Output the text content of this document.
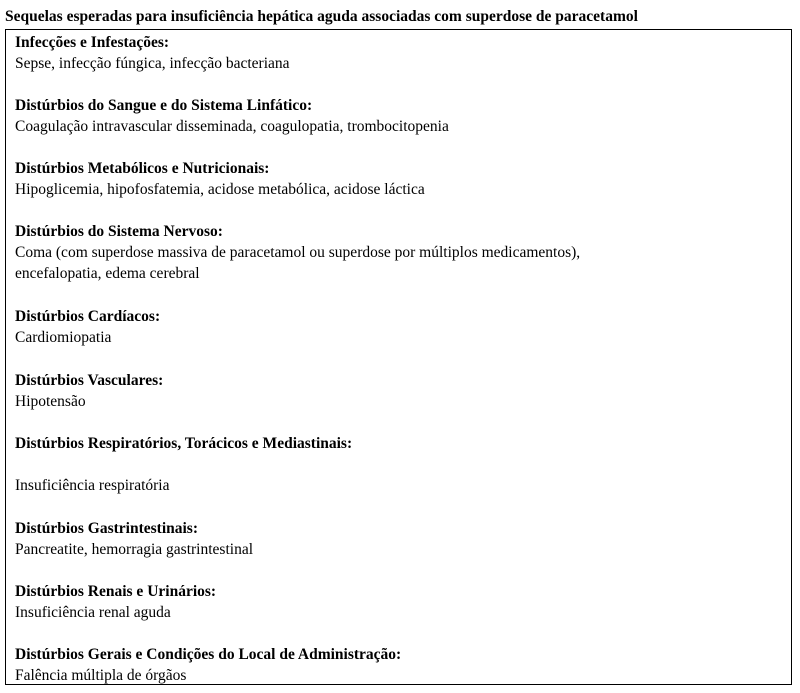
Sequelas esperadas para insuficiência hepática aguda associadas com superdose de paracetamol
Infecções e Infestações:
Sepse, infecção fúngica, infecção bacteriana
Distúrbios do Sangue e do Sistema Linfático:
Coagulação intravascular disseminada, coagulopatia, trombocitopenia
Distúrbios Metabólicos e Nutricionais:
Hipoglicemia, hipofosfatemia, acidose metabólica, acidose láctica
Distúrbios do Sistema Nervoso:
Coma (com superdose massiva de paracetamol ou superdose por múltiplos medicamentos),
encefalopatia, edema cerebral
Distúrbios Cardíacos:
Cardiomiopatia
Distúrbios Vasculares:
Hipotensão
Distúrbios Respiratórios, Torácicos e Mediastinais:
Insuficiência respiratória
Distúrbios Gastrintestinais:
Pancreatite, hemorragia gastrintestinal
Distúrbios Renais e Urinários:
Insuficiência renal aguda
Distúrbios Gerais e Condições do Local de Administração:
Falência múltipla de órgãos
